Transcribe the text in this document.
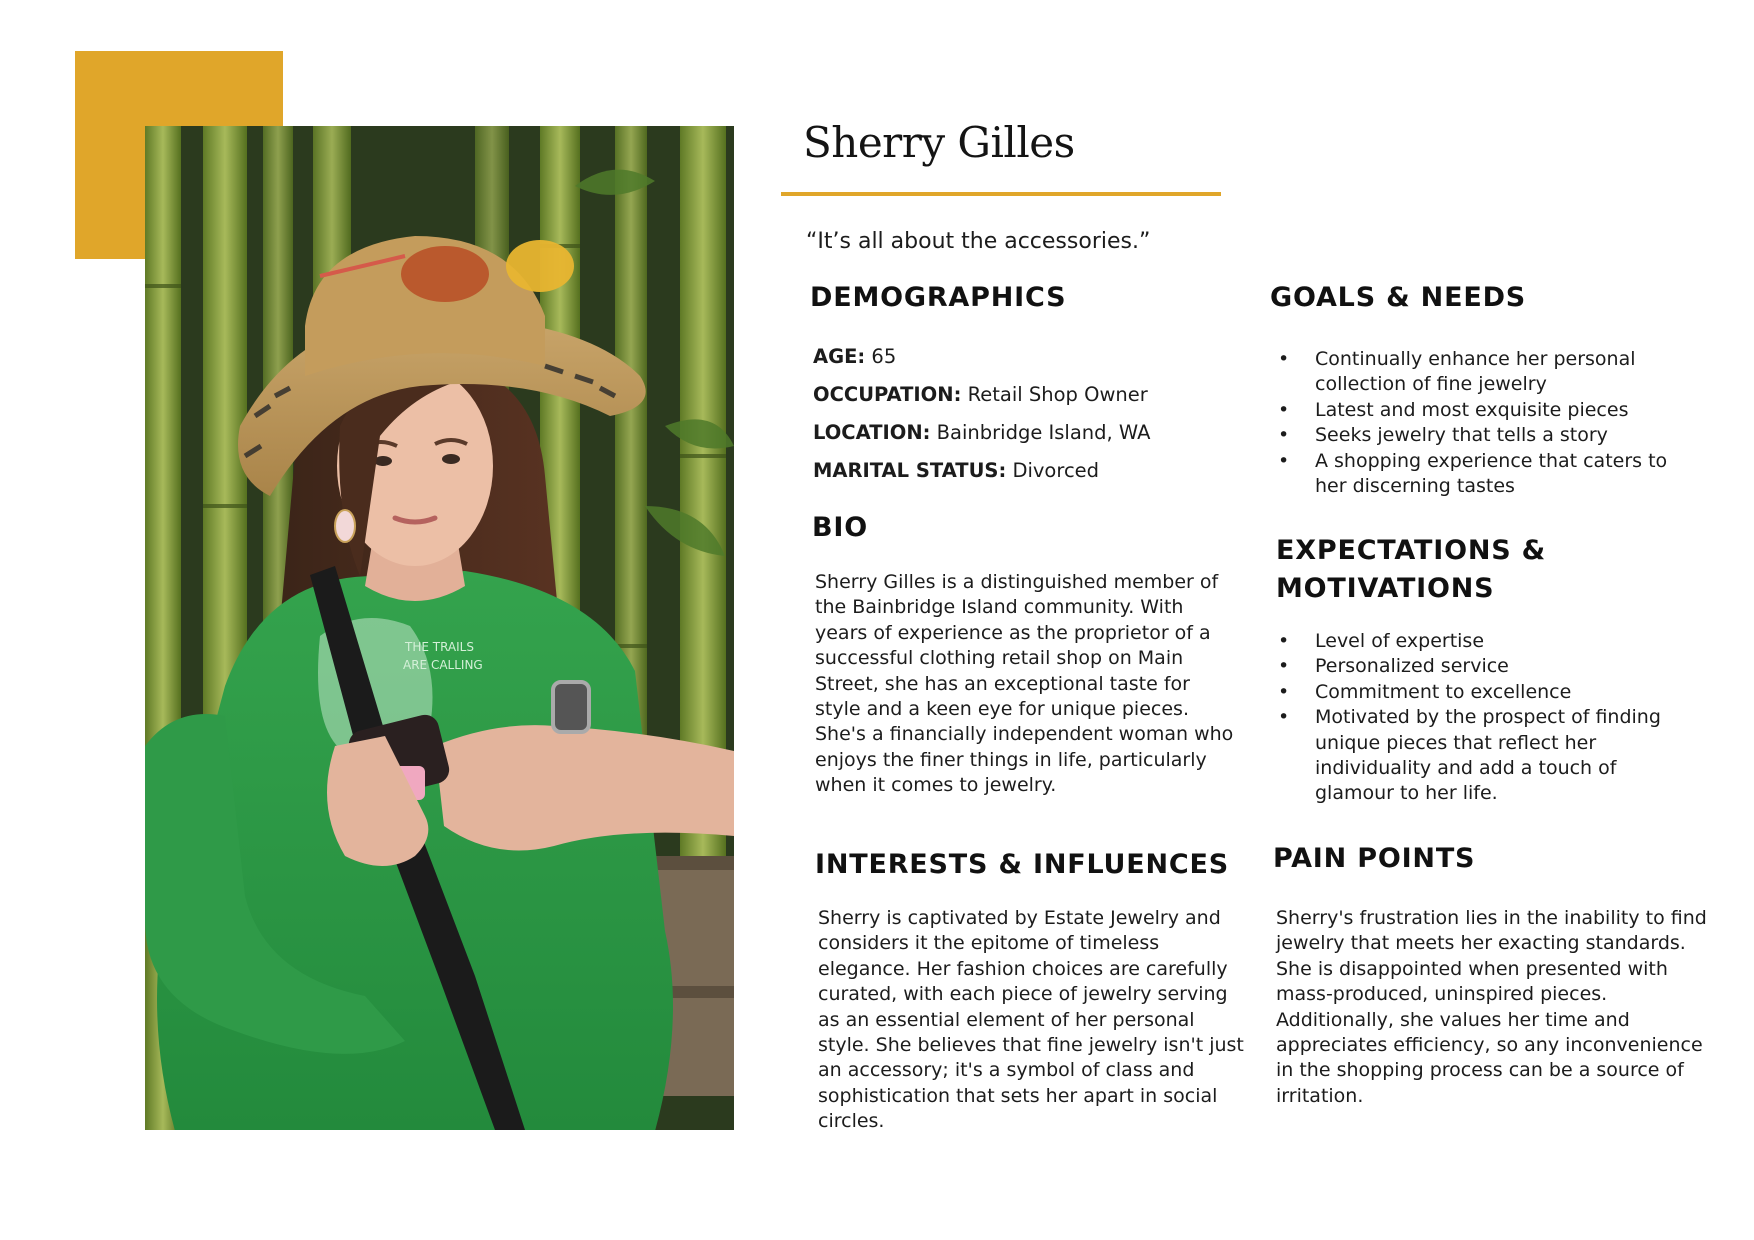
THE TRAILS
ARE CALLING
Sherry Gilles

“It’s all about the accessories.”

DEMOGRAPHICS
AGE: 65
OCCUPATION: Retail Shop Owner
LOCATION: Bainbridge Island, WA
MARITAL STATUS: Divorced
BIO

Sherry Gilles is a distinguished member of the Bainbridge Island community. With years of experience as the proprietor of a successful clothing retail shop on Main Street, she has an exceptional taste for style and a keen eye for unique pieces. She's a financially independent woman who enjoys the finer things in life, particularly when it comes to jewelry.

INTERESTS & INFLUENCES

Sherry is captivated by Estate Jewelry and considers it the epitome of timeless elegance. Her fashion choices are carefully curated, with each piece of jewelry serving as an essential element of her personal style. She believes that fine jewelry isn't just an accessory; it's a symbol of class and sophistication that sets her apart in social circles.

GOALS & NEEDS
• Continually enhance her personal collection of fine jewelry
• Latest and most exquisite pieces
• Seeks jewelry that tells a story
• A shopping experience that caters to her discerning tastes
EXPECTATIONS &
MOTIVATIONS
• Level of expertise
• Personalized service
• Commitment to excellence
• Motivated by the prospect of finding unique pieces that reflect her individuality and add a touch of glamour to her life.
PAIN POINTS

Sherry's frustration lies in the inability to find jewelry that meets her exacting standards. She is disappointed when presented with mass-produced, uninspired pieces. Additionally, she values her time and appreciates efficiency, so any inconvenience in the shopping process can be a source of irritation.
